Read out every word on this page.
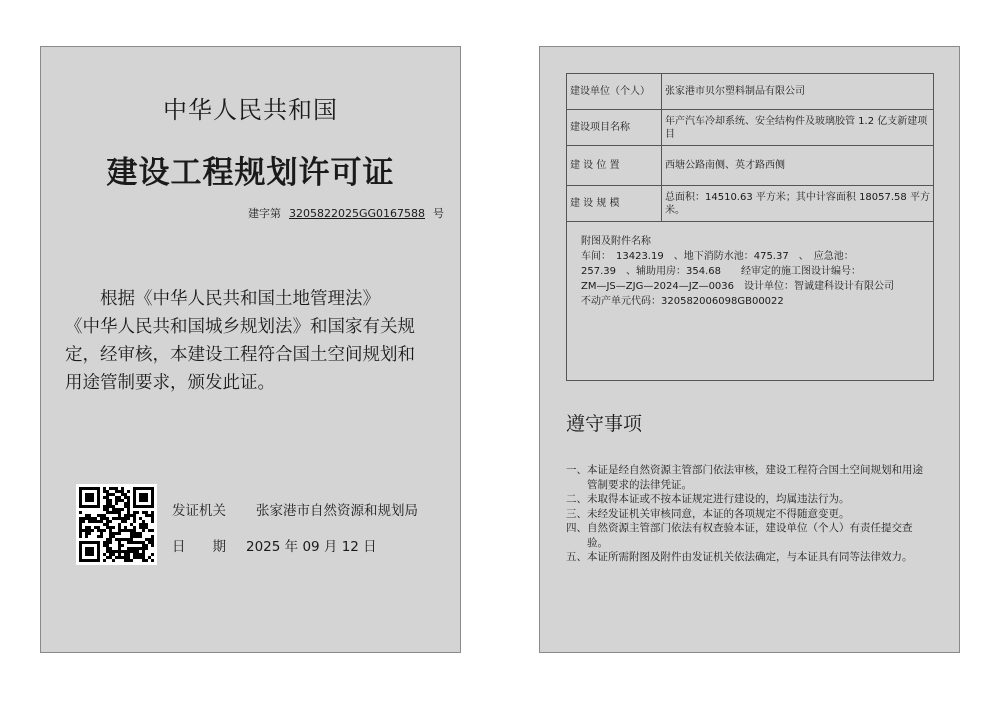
中华人民共和国
建设工程规划许可证
建字第 3205822025GG0167588 号

根据《中华人民共和国土地管理法》

《中华人民共和国城乡规划法》和国家有关规定，经审核，本建设工程符合国土空间规划和用途管制要求，颁发此证。

发证机关 张家港市自然资源和规划局
日　　期 2025 年 09 月 12 日
建设单位（个人）	张家港市贝尔塑料制品有限公司
建设项目名称	年产汽车冷却系统、安全结构件及玻璃胶管 1.2 亿支新建项目
建 设 位 置	西塘公路南侧、英才路西侧
建 设 规 模	总面积：14510.63 平方米；其中计容面积 18057.58 平方米。

附图及附件名称
车间：　13423.19　、地下消防水池：475.37　、　应急池：
257.39　、辅助用房：354.68　　经审定的施工图设计编号：
ZM—JS—ZJG—2024—JZ—0036　设计单位：智诚建科设计有限公司
不动产单元代码：320582006098GB00022	
遵守事项
一、 本证是经自然资源主管部门依法审核，建设工程符合国土空间规划和用途管制要求的法律凭证。
二、 未取得本证或不按本证规定进行建设的，均属违法行为。
三、 未经发证机关审核同意，本证的各项规定不得随意变更。
四、 自然资源主管部门依法有权查验本证，建设单位（个人）有责任提交查验。
五、 本证所需附图及附件由发证机关依法确定，与本证具有同等法律效力。
